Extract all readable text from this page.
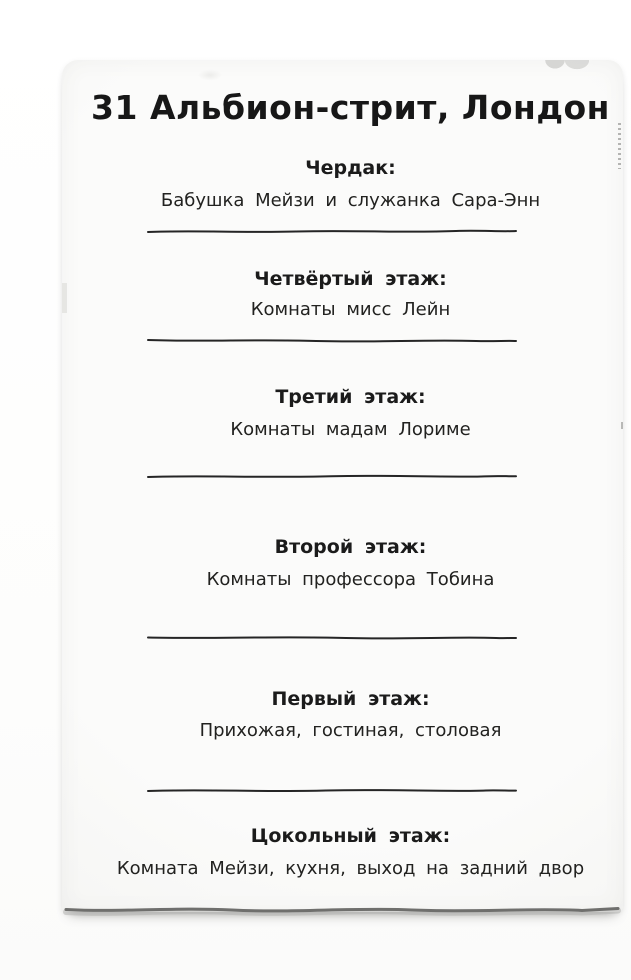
31 Альбион-стрит, Лондон
Чердак:
Бабушка Мейзи и служанка Сара-Энн
Четвёртый этаж:
Комнаты мисс Лейн
Третий этаж:
Комнаты мадам Лориме
Второй этаж:
Комнаты профессора Тобина
Первый этаж:
Прихожая, гостиная, столовая
Цокольный этаж:
Комната Мейзи, кухня, выход на задний двор
